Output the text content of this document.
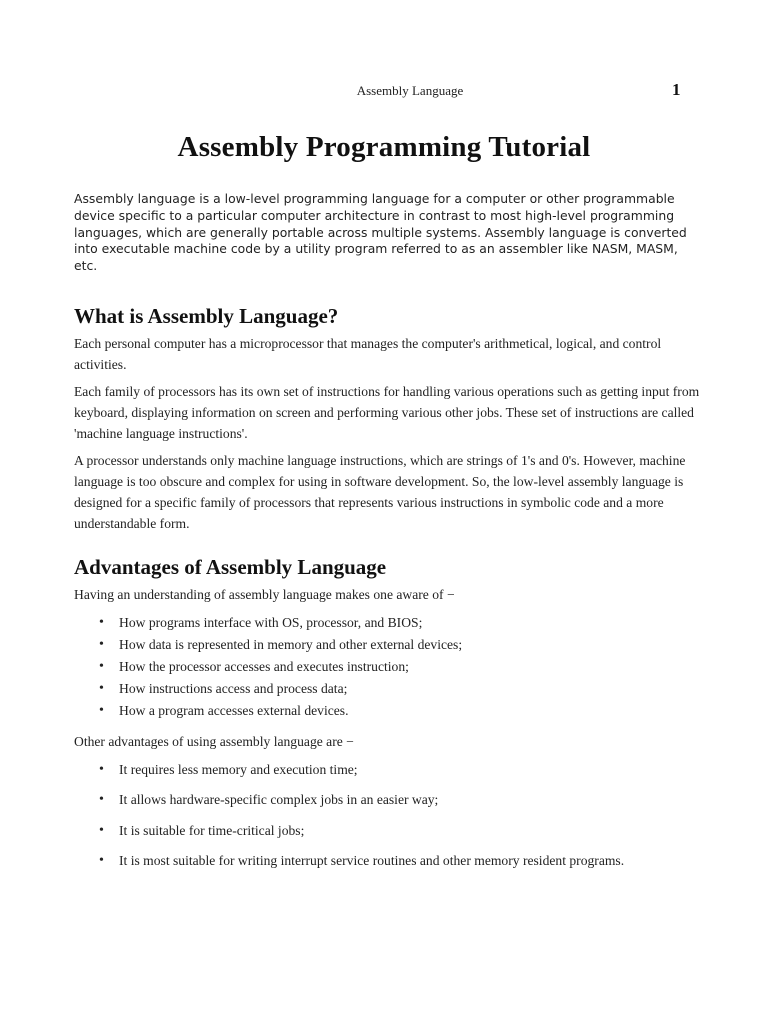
Assembly Language	1
Assembly Programming Tutorial

Assembly language is a low-level programming language for a computer or other programmable device specific to a particular computer architecture in contrast to most high-level programming languages, which are generally portable across multiple systems. Assembly language is converted into executable machine code by a utility program referred to as an assembler like NASM, MASM, etc.

What is Assembly Language?

Each personal computer has a microprocessor that manages the computer's arithmetical, logical, and control activities.

Each family of processors has its own set of instructions for handling various operations such as getting input from keyboard, displaying information on screen and performing various other jobs. These set of instructions are called 'machine language instructions'.

A processor understands only machine language instructions, which are strings of 1's and 0's. However, machine language is too obscure and complex for using in software development. So, the low-level assembly language is designed for a specific family of processors that represents various instructions in symbolic code and a more understandable form.

Advantages of Assembly Language

Having an understanding of assembly language makes one aware of −

• How programs interface with OS, processor, and BIOS;
• How data is represented in memory and other external devices;
• How the processor accesses and executes instruction;
• How instructions access and process data;
• How a program accesses external devices.

Other advantages of using assembly language are −

• It requires less memory and execution time;
• It allows hardware-specific complex jobs in an easier way;
• It is suitable for time-critical jobs;
• It is most suitable for writing interrupt service routines and other memory resident programs.
